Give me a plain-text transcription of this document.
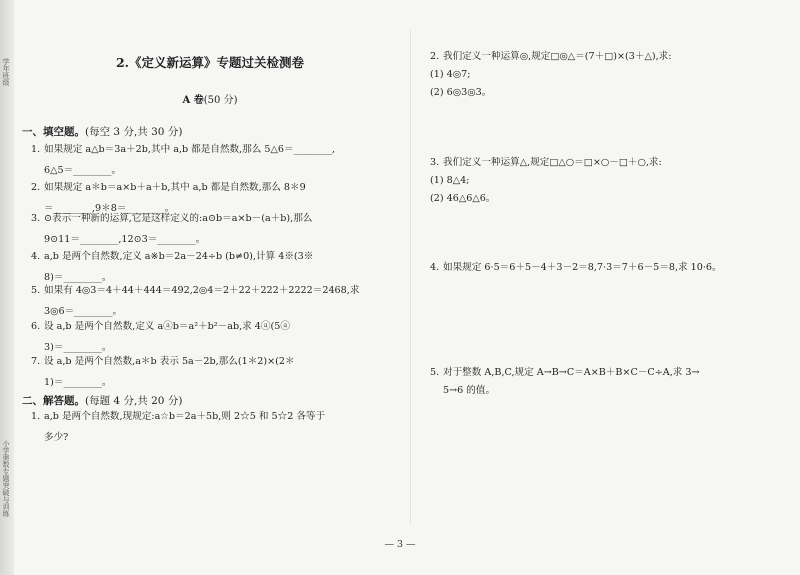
学年班级
小学奥数专题突破与训练
2.《定义新运算》专题过关检测卷
A 卷(50 分)
一、填空题。(每空 3 分,共 30 分)
1. 如果规定 a△b＝3a＋2b,其中 a,b 都是自然数,那么 5△6＝________,
6△5＝________。
2. 如果规定 a＊b＝a×b＋a＋b,其中 a,b 都是自然数,那么 8＊9
＝________,9＊8＝________。
3. ⊙表示一种新的运算,它是这样定义的:a⊙b＝a×b－(a＋b),那么
9⊙11＝________,12⊙3＝________。
4. a,b 是两个自然数,定义 a※b＝2a－24÷b (b≠0),计算 4※(3※
8)＝________。
5. 如果有 4◎3＝4＋44＋444＝492,2◎4＝2＋22＋222＋2222＝2468,求
3◎6＝________。
6. 设 a,b 是两个自然数,定义 aⓐb＝a²＋b²－ab,求 4ⓐ(5ⓐ
3)＝________。
7. 设 a,b 是两个自然数,a＊b 表示 5a－2b,那么(1＊2)×(2＊
1)＝________。
二、解答题。(每题 4 分,共 20 分)
1. a,b 是两个自然数,现规定:a☆b＝2a＋5b,则 2☆5 和 5☆2 各等于
多少?
2. 我们定义一种运算◎,规定□◎△＝(7＋□)×(3＋△),求:
(1) 4◎7;
(2) 6◎3◎3。
3. 我们定义一种运算△,规定□△○＝□×○－□＋○,求:
(1) 8△4;
(2) 46△6△6。
4. 如果规定 6·5＝6＋5－4＋3－2＝8,7·3＝7＋6－5＝8,求 10·6。
5. 对于整数 A,B,C,规定 A→B→C＝A×B＋B×C－C÷A,求 3→
5→6 的值。
— 3 —
